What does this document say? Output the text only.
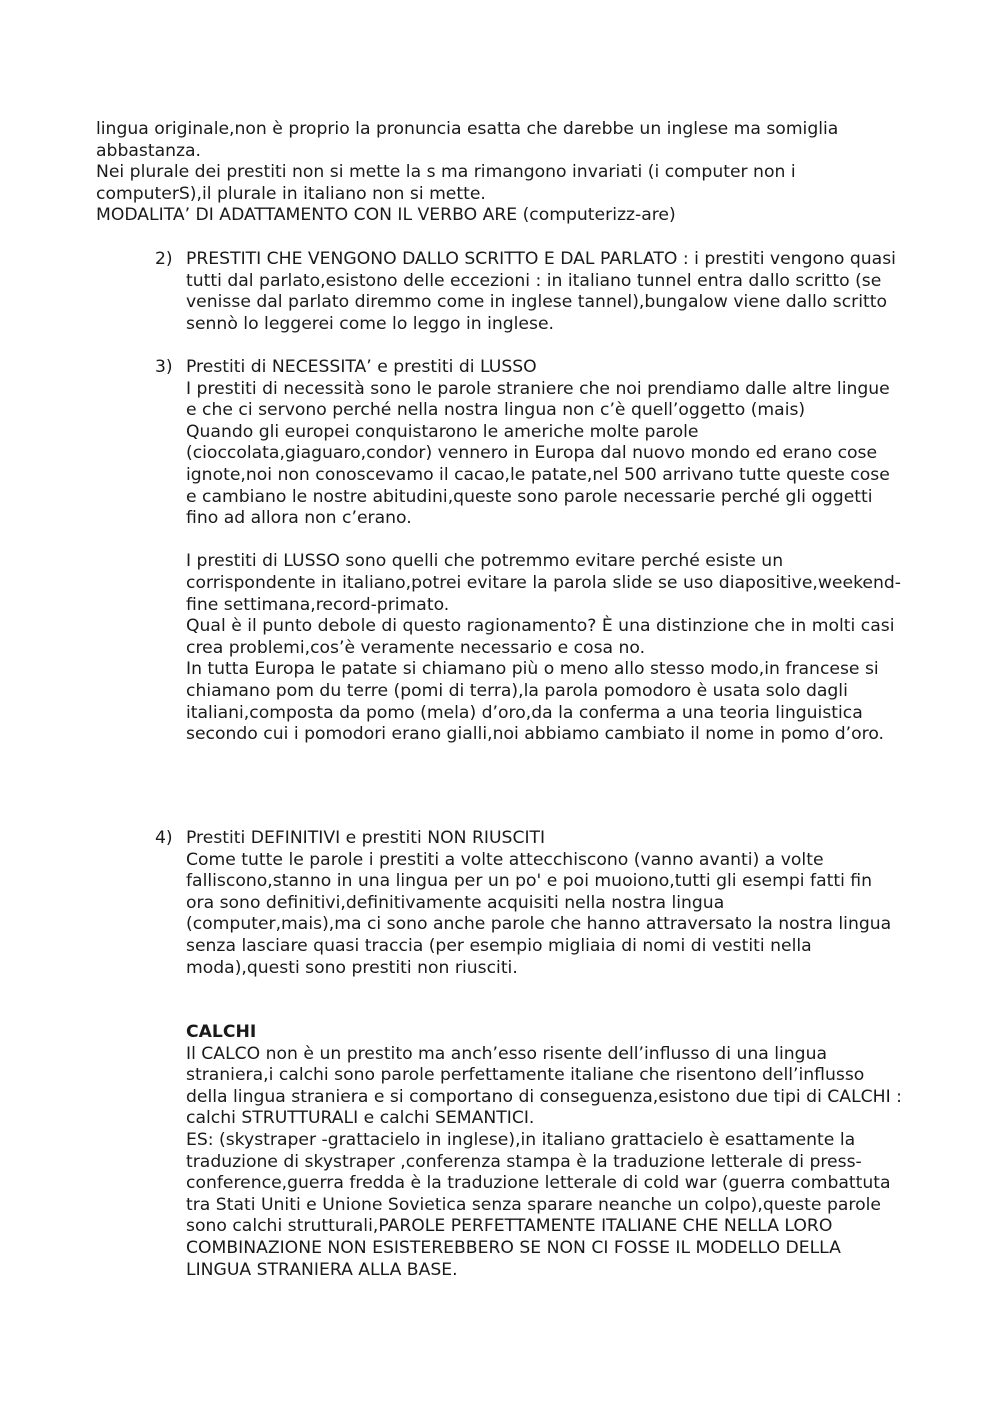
lingua originale,non è proprio la pronuncia esatta che darebbe un inglese ma somiglia abbastanza.

Nei plurale dei prestiti non si mette la s ma rimangono invariati (i computer non i computerS),il plurale in italiano non si mette.

MODALITA’ DI ADATTAMENTO CON IL VERBO ARE (computerizz-are)

2) PRESTITI CHE VENGONO DALLO SCRITTO E DAL PARLATO : i prestiti vengono quasi tutti dal parlato,esistono delle eccezioni : in italiano tunnel entra dallo scritto (se venisse dal parlato diremmo come in inglese tannel),bungalow viene dallo scritto sennò lo leggerei come lo leggo in inglese.

3) Prestiti di NECESSITA’ e prestiti di LUSSO

I prestiti di necessità sono le parole straniere che noi prendiamo dalle altre lingue e che ci servono perché nella nostra lingua non c’è quell’oggetto (mais)

Quando gli europei conquistarono le americhe molte parole (cioccolata,giaguaro,condor) vennero in Europa dal nuovo mondo ed erano cose ignote,noi non conoscevamo il cacao,le patate,nel 500 arrivano tutte queste cose e cambiano le nostre abitudini,queste sono parole necessarie perché gli oggetti fino ad allora non c’erano.

I prestiti di LUSSO sono quelli che potremmo evitare perché esiste un corrispondente in italiano,potrei evitare la parola slide se uso diapositive,weekend-fine settimana,record-primato.

Qual è il punto debole di questo ragionamento? È una distinzione che in molti casi crea problemi,cos’è veramente necessario e cosa no.

In tutta Europa le patate si chiamano più o meno allo stesso modo,in francese si chiamano pom du terre (pomi di terra),la parola pomodoro è usata solo dagli italiani,composta da pomo (mela) d’oro,da la conferma a una teoria linguistica secondo cui i pomodori erano gialli,noi abbiamo cambiato il nome in pomo d’oro.

4) Prestiti DEFINITIVI e prestiti NON RIUSCITI

Come tutte le parole i prestiti a volte attecchiscono (vanno avanti) a volte falliscono,stanno in una lingua per un po' e poi muoiono,tutti gli esempi fatti fin ora sono definitivi,definitivamente acquisiti nella nostra lingua (computer,mais),ma ci sono anche parole che hanno attraversato la nostra lingua senza lasciare quasi traccia (per esempio migliaia di nomi di vestiti nella moda),questi sono prestiti non riusciti.

CALCHI

Il CALCO non è un prestito ma anch’esso risente dell’influsso di una lingua straniera,i calchi sono parole perfettamente italiane che risentono dell’influsso della lingua straniera e si comportano di conseguenza,esistono due tipi di CALCHI : calchi STRUTTURALI e calchi SEMANTICI.

ES: (skystraper -grattacielo in inglese),in italiano grattacielo è esattamente la traduzione di skystraper ,conferenza stampa è la traduzione letterale di press-conference,guerra fredda è la traduzione letterale di cold war (guerra combattuta tra Stati Uniti e Unione Sovietica senza sparare neanche un colpo),queste parole sono calchi strutturali,PAROLE PERFETTAMENTE ITALIANE CHE NELLA LORO COMBINAZIONE NON ESISTEREBBERO SE NON CI FOSSE IL MODELLO DELLA LINGUA STRANIERA ALLA BASE.
